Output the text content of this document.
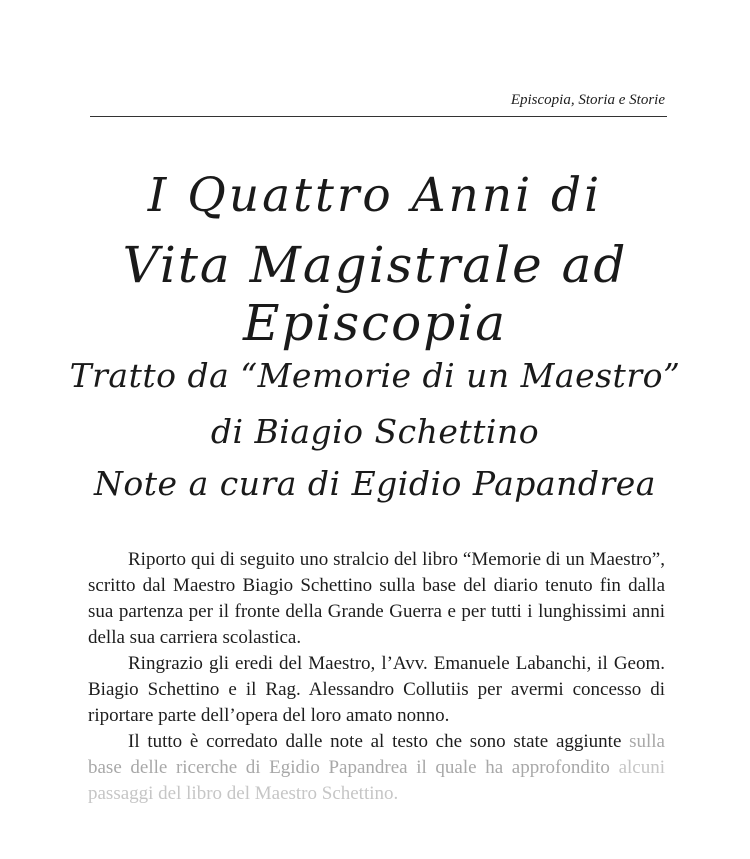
Episcopia, Storia e Storie
I Quattro Anni di
Vita Magistrale ad Episcopia
Tratto da “Memorie di un Maestro”
di Biagio Schettino
Note a cura di Egidio Papandrea

Riporto qui di seguito uno stralcio del libro “Memorie di un Maestro”, scritto dal Maestro Biagio Schettino sulla base del diario tenuto fin dalla sua partenza per il fronte della Grande Guerra e per tutti i lunghissimi anni della sua carriera scolastica.

Ringrazio gli eredi del Maestro, l’Avv. Emanuele Labanchi, il Geom. Biagio Schettino e il Rag. Alessandro Collutiis per avermi concesso di riportare parte dell’opera del loro amato nonno.

Il tutto è corredato dalle note al testo che sono state aggiunte sulla base delle ricerche di Egidio Papandrea il quale ha approfondito alcuni passaggi del libro del Maestro Schettino.
